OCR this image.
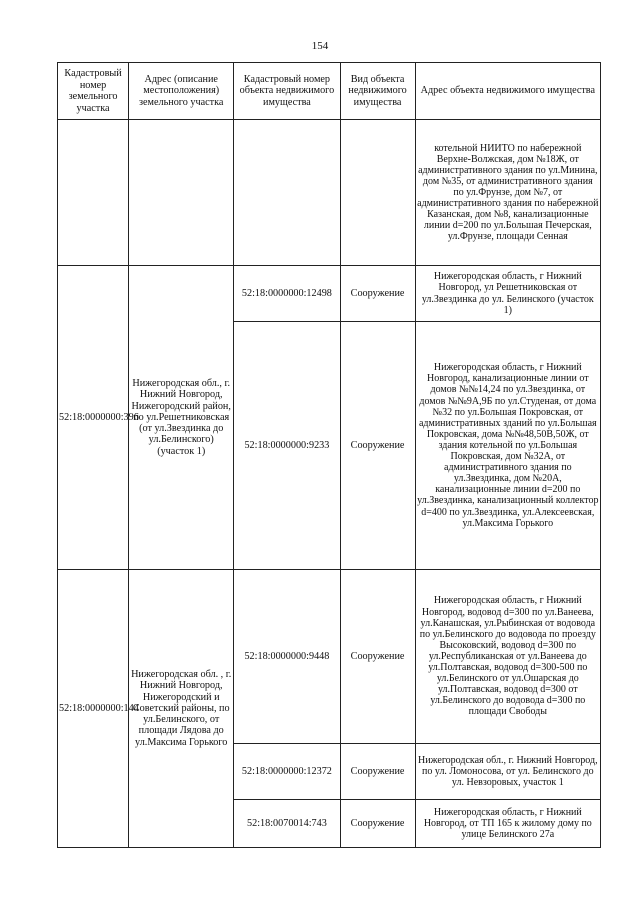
154
Кадастровый номер земельного участка	Адрес (описание местоположения) земельного участка	Кадастровый номер объекта недвижимого имущества	Вид объекта недвижимого имущества	Адрес объекта недвижимого имущества
				котельной НИИТО по набережной Верхне-Волжская, дом №18Ж, от административного здания по ул.Минина, дом №35, от административного здания по ул.Фрунзе, дом №7, от административного здания по набережной Казанская, дом №8, канализационные линии d=200 по ул.Большая Печерская, ул.Фрунзе, площади Сенная
52:18:0000000:396	Нижегородская обл., г. Нижний Новгород, Нижегородский район, по ул.Решетниковская (от ул.Звездинка до ул.Белинского) (участок 1)	52:18:0000000:12498	Сооружение	Нижегородская область, г Нижний Новгород, ул Решетниковская от ул.Звездинка до ул. Белинского (участок 1)
		52:18:0000000:9233	Сооружение	Нижегородская область, г Нижний Новгород, канализационные линии от домов №№14,24 по ул.Звездинка, от домов №№9А,9Б по ул.Студеная, от дома №32 по ул.Большая Покровская, от административных зданий по ул.Большая Покровская, дома №№48,50В,50Ж, от здания котельной по ул.Большая Покровская, дом №32А, от административного здания по ул.Звездинка, дом №20А, канализационные линии d=200 по ул.Звездинка, канализационный коллектор d=400 по ул.Звездинка, ул.Алексеевская, ул.Максима Горького
52:18:0000000:144	Нижегородская обл. , г. Нижний Новгород, Нижегородский и Советский районы, по ул.Белинского, от площади Лядова до ул.Максима Горького	52:18:0000000:9448	Сооружение	Нижегородская область, г Нижний Новгород, водовод d=300 по ул.Ванеева, ул.Канашская, ул.Рыбинская от водовода по ул.Белинского до водовода по проезду Высоковский, водовод d=300 по ул.Республиканская от ул.Ванеева до ул.Полтавская, водовод d=300-500 по ул.Белинского от ул.Ошарская до ул.Полтавская, водовод d=300 от ул.Белинского до водовода d=300 по площади Свободы
		52:18:0000000:12372	Сооружение	Нижегородская обл., г. Нижний Новгород, по ул. Ломоносова, от ул. Белинского до ул. Невзоровых, участок 1
		52:18:0070014:743	Сооружение	Нижегородская область, г Нижний Новгород, от ТП 165 к жилому дому по улице Белинского 27а
